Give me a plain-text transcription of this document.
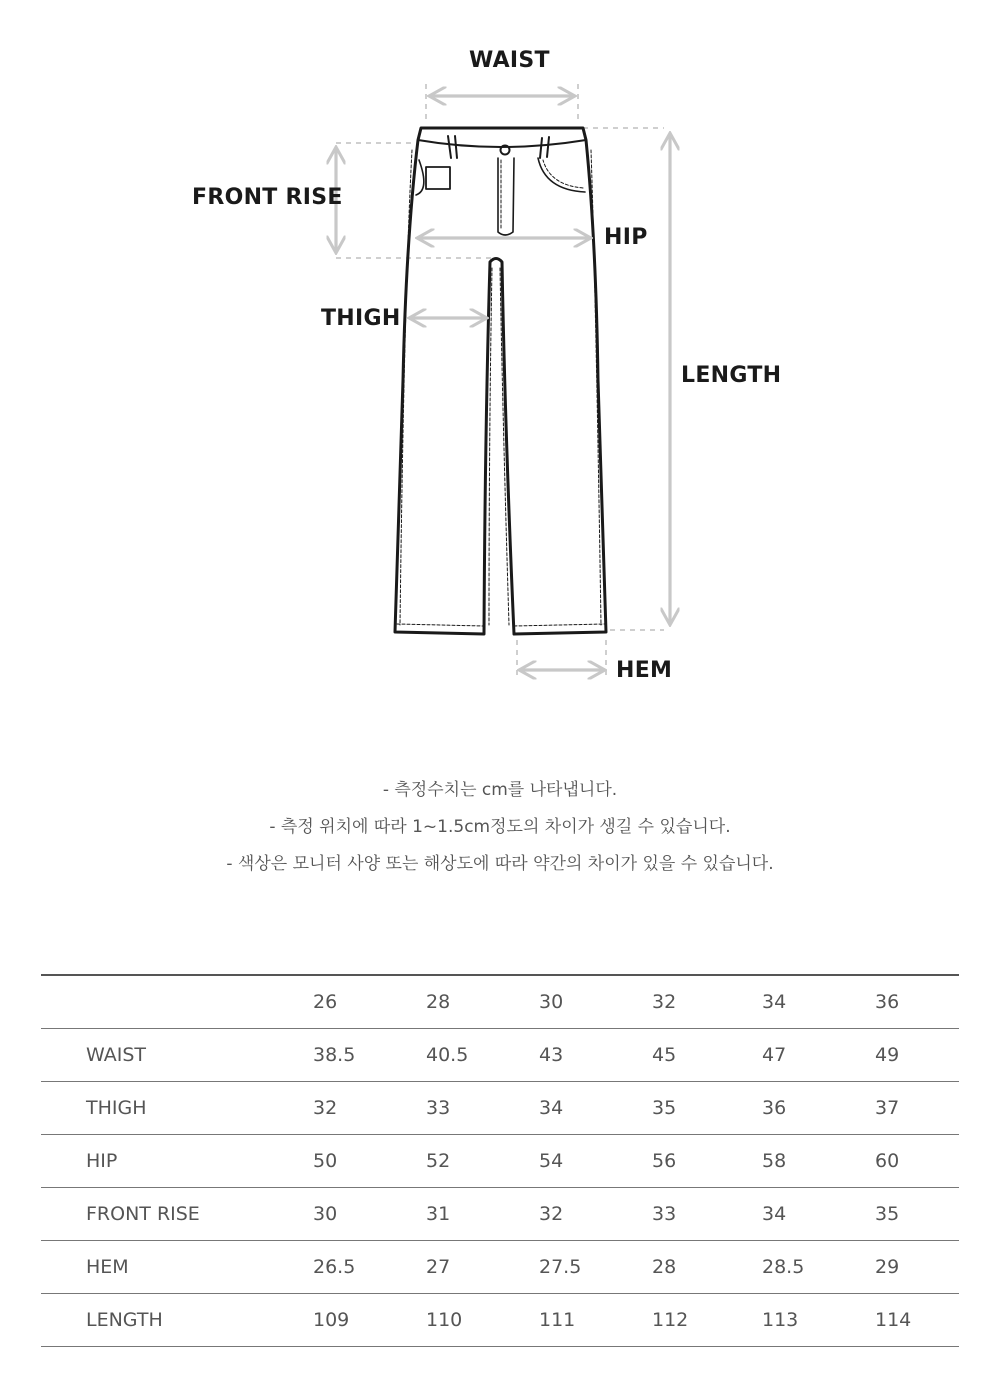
WAIST
FRONT RISE
HIP
THIGH
LENGTH
HEM
- 측정수치는 cm를 나타냅니다.
- 측정 위치에 따라 1~1.5cm정도의 차이가 생길 수 있습니다.
- 색상은 모니터 사양 또는 해상도에 따라 약간의 차이가 있을 수 있습니다.
	26	28	30	32	34	36
WAIST	38.5	40.5	43	45	47	49
THIGH	32	33	34	35	36	37
HIP	50	52	54	56	58	60
FRONT RISE	30	31	32	33	34	35
HEM	26.5	27	27.5	28	28.5	29
LENGTH	109	110	111	112	113	114
